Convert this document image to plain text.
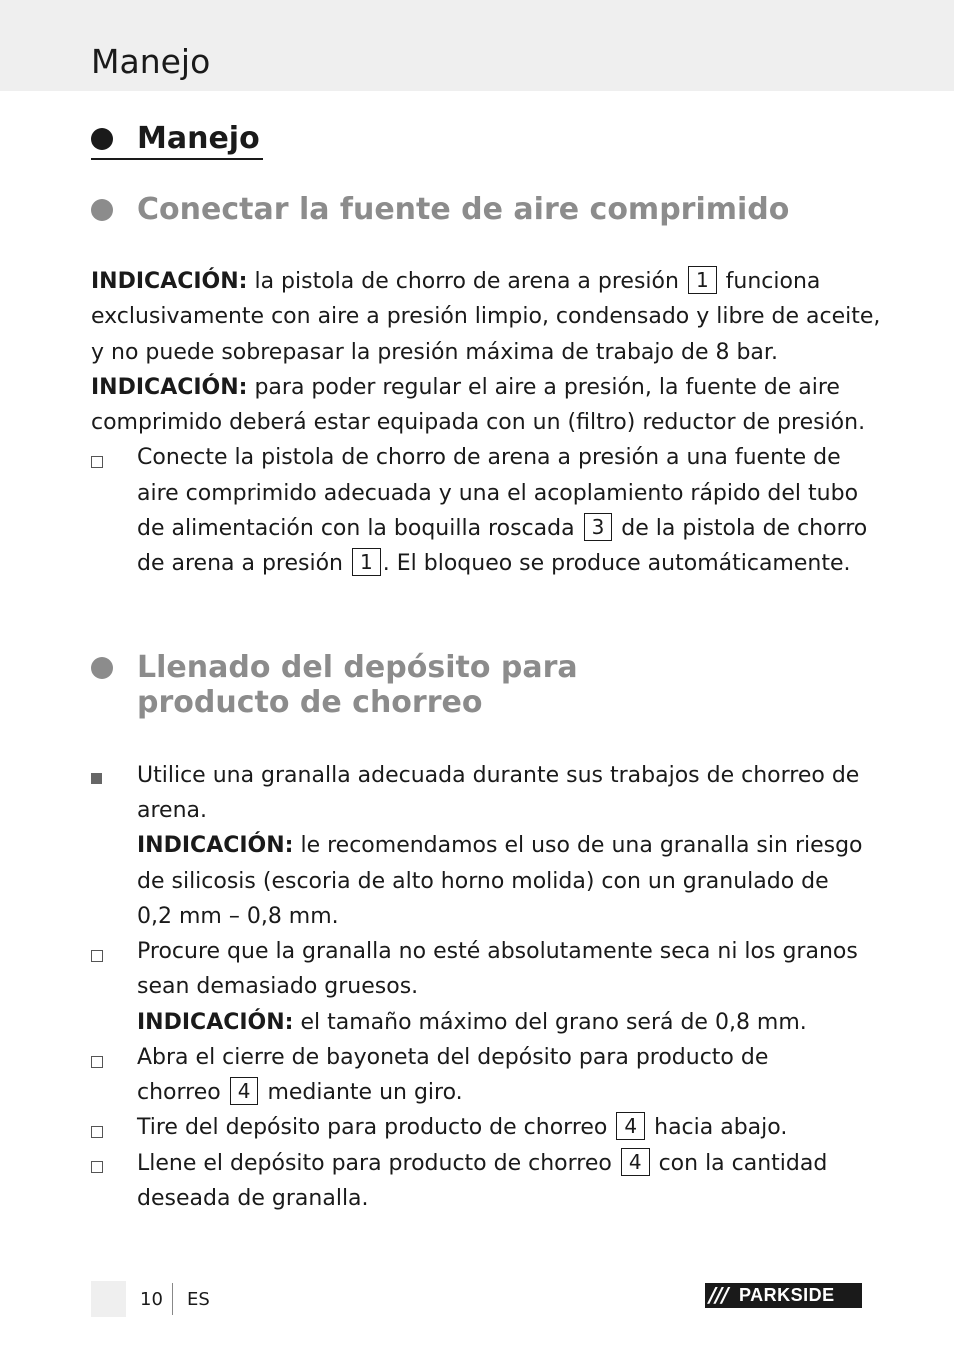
Manejo
Manejo
Conectar la fuente de aire comprimido
INDICACIÓN: la pistola de chorro de arena a presión 1 funciona
exclusivamente con aire a presión limpio, condensado y libre de aceite,
y no puede sobrepasar la presión máxima de trabajo de 8 bar.
INDICACIÓN: para poder regular el aire a presión, la fuente de aire
comprimido deberá estar equipada con un (filtro) reductor de presión.
Conecte la pistola de chorro de arena a presión a una fuente de
aire comprimido adecuada y una el acoplamiento rápido del tubo
de alimentación con la boquilla roscada 3 de la pistola de chorro
de arena a presión 1 . El bloqueo se produce automáticamente.
Llenado del depósito para
producto de chorreo
Utilice una granalla adecuada durante sus trabajos de chorreo de
arena.
INDICACIÓN: le recomendamos el uso de una granalla sin riesgo
de silicosis (escoria de alto horno molida) con un granulado de
0,2 mm – 0,8 mm.
Procure que la granalla no esté absolutamente seca ni los granos
sean demasiado gruesos.
INDICACIÓN: el tamaño máximo del grano será de 0,8 mm.
Abra el cierre de bayoneta del depósito para producto de
chorreo 4 mediante un giro.
Tire del depósito para producto de chorreo 4 hacia abajo.
Llene el depósito para producto de chorreo 4 con la cantidad
deseada de granalla.
10 ES	/// PARKSIDE
